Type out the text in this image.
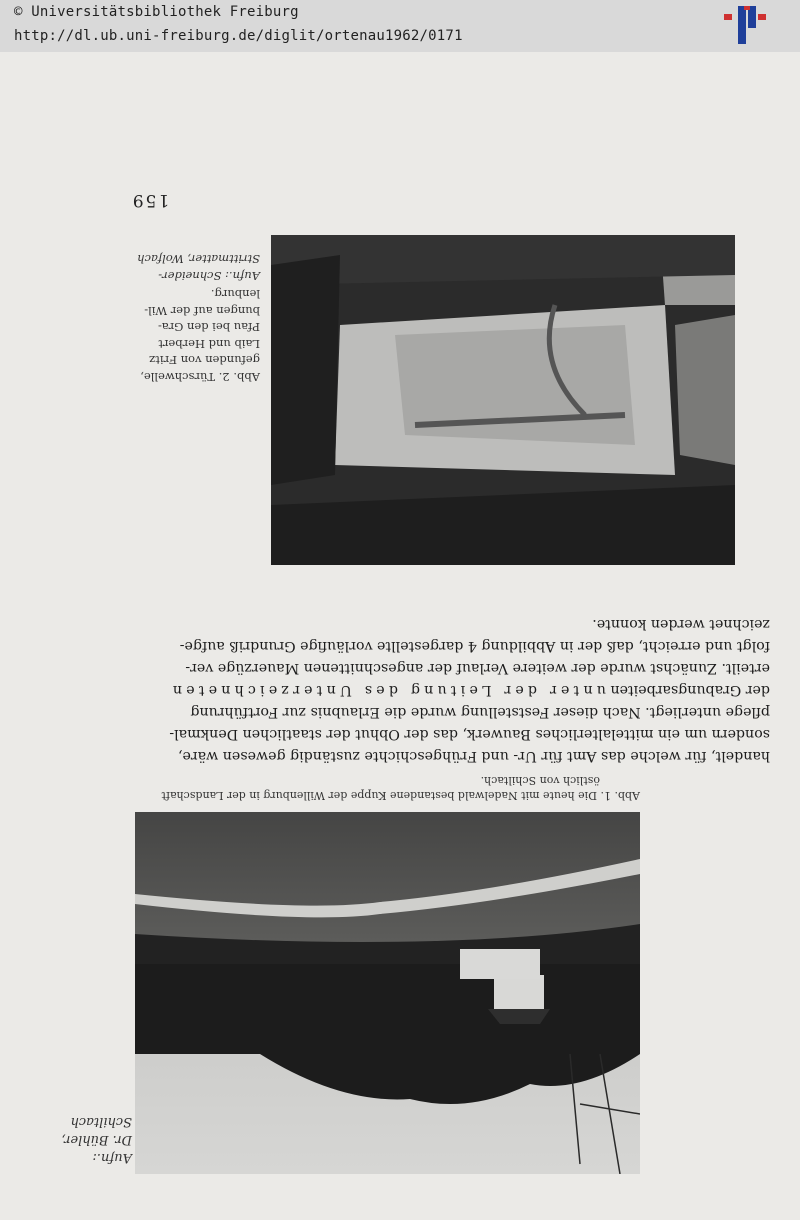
© Universitätsbibliothek Freiburg
http://dl.ub.uni-freiburg.de/diglit/ortenau1962/0171
Aufn.:
Dr. Bühler,
Schiltach
Abb. 1. Die heute mit Nadelwald bestandene Kuppe der Willenburg in der Landschaft
östlich von Schiltach.

handelt, für welche das Amt für Ur- und Frühgeschichte zuständig gewesen wäre,

sondern um ein mittelalterliches Bauwerk, das der Obhut der staatlichen Denkmal-

pflege unterliegt. Nach dieser Feststellung wurde die Erlaubnis zur Fortführung

der Grabungsarbeiten unter der Leitung des Unterzeichneten

erteilt. Zunächst wurde der weitere Verlauf der angeschnittenen Mauerzüge ver-

folgt und erreicht, daß der in Abbildung 4 dargestellte vorläufige Grundriß aufge-

zeichnet werden konnte.

Abb. 2. Türschwelle,
gefunden von Fritz
Laib und Herbert
Pfau bei den Gra-
bungen auf der Wil-
lenburg.
Aufn.: Schneider-
Strittmatter, Wolfach
159
